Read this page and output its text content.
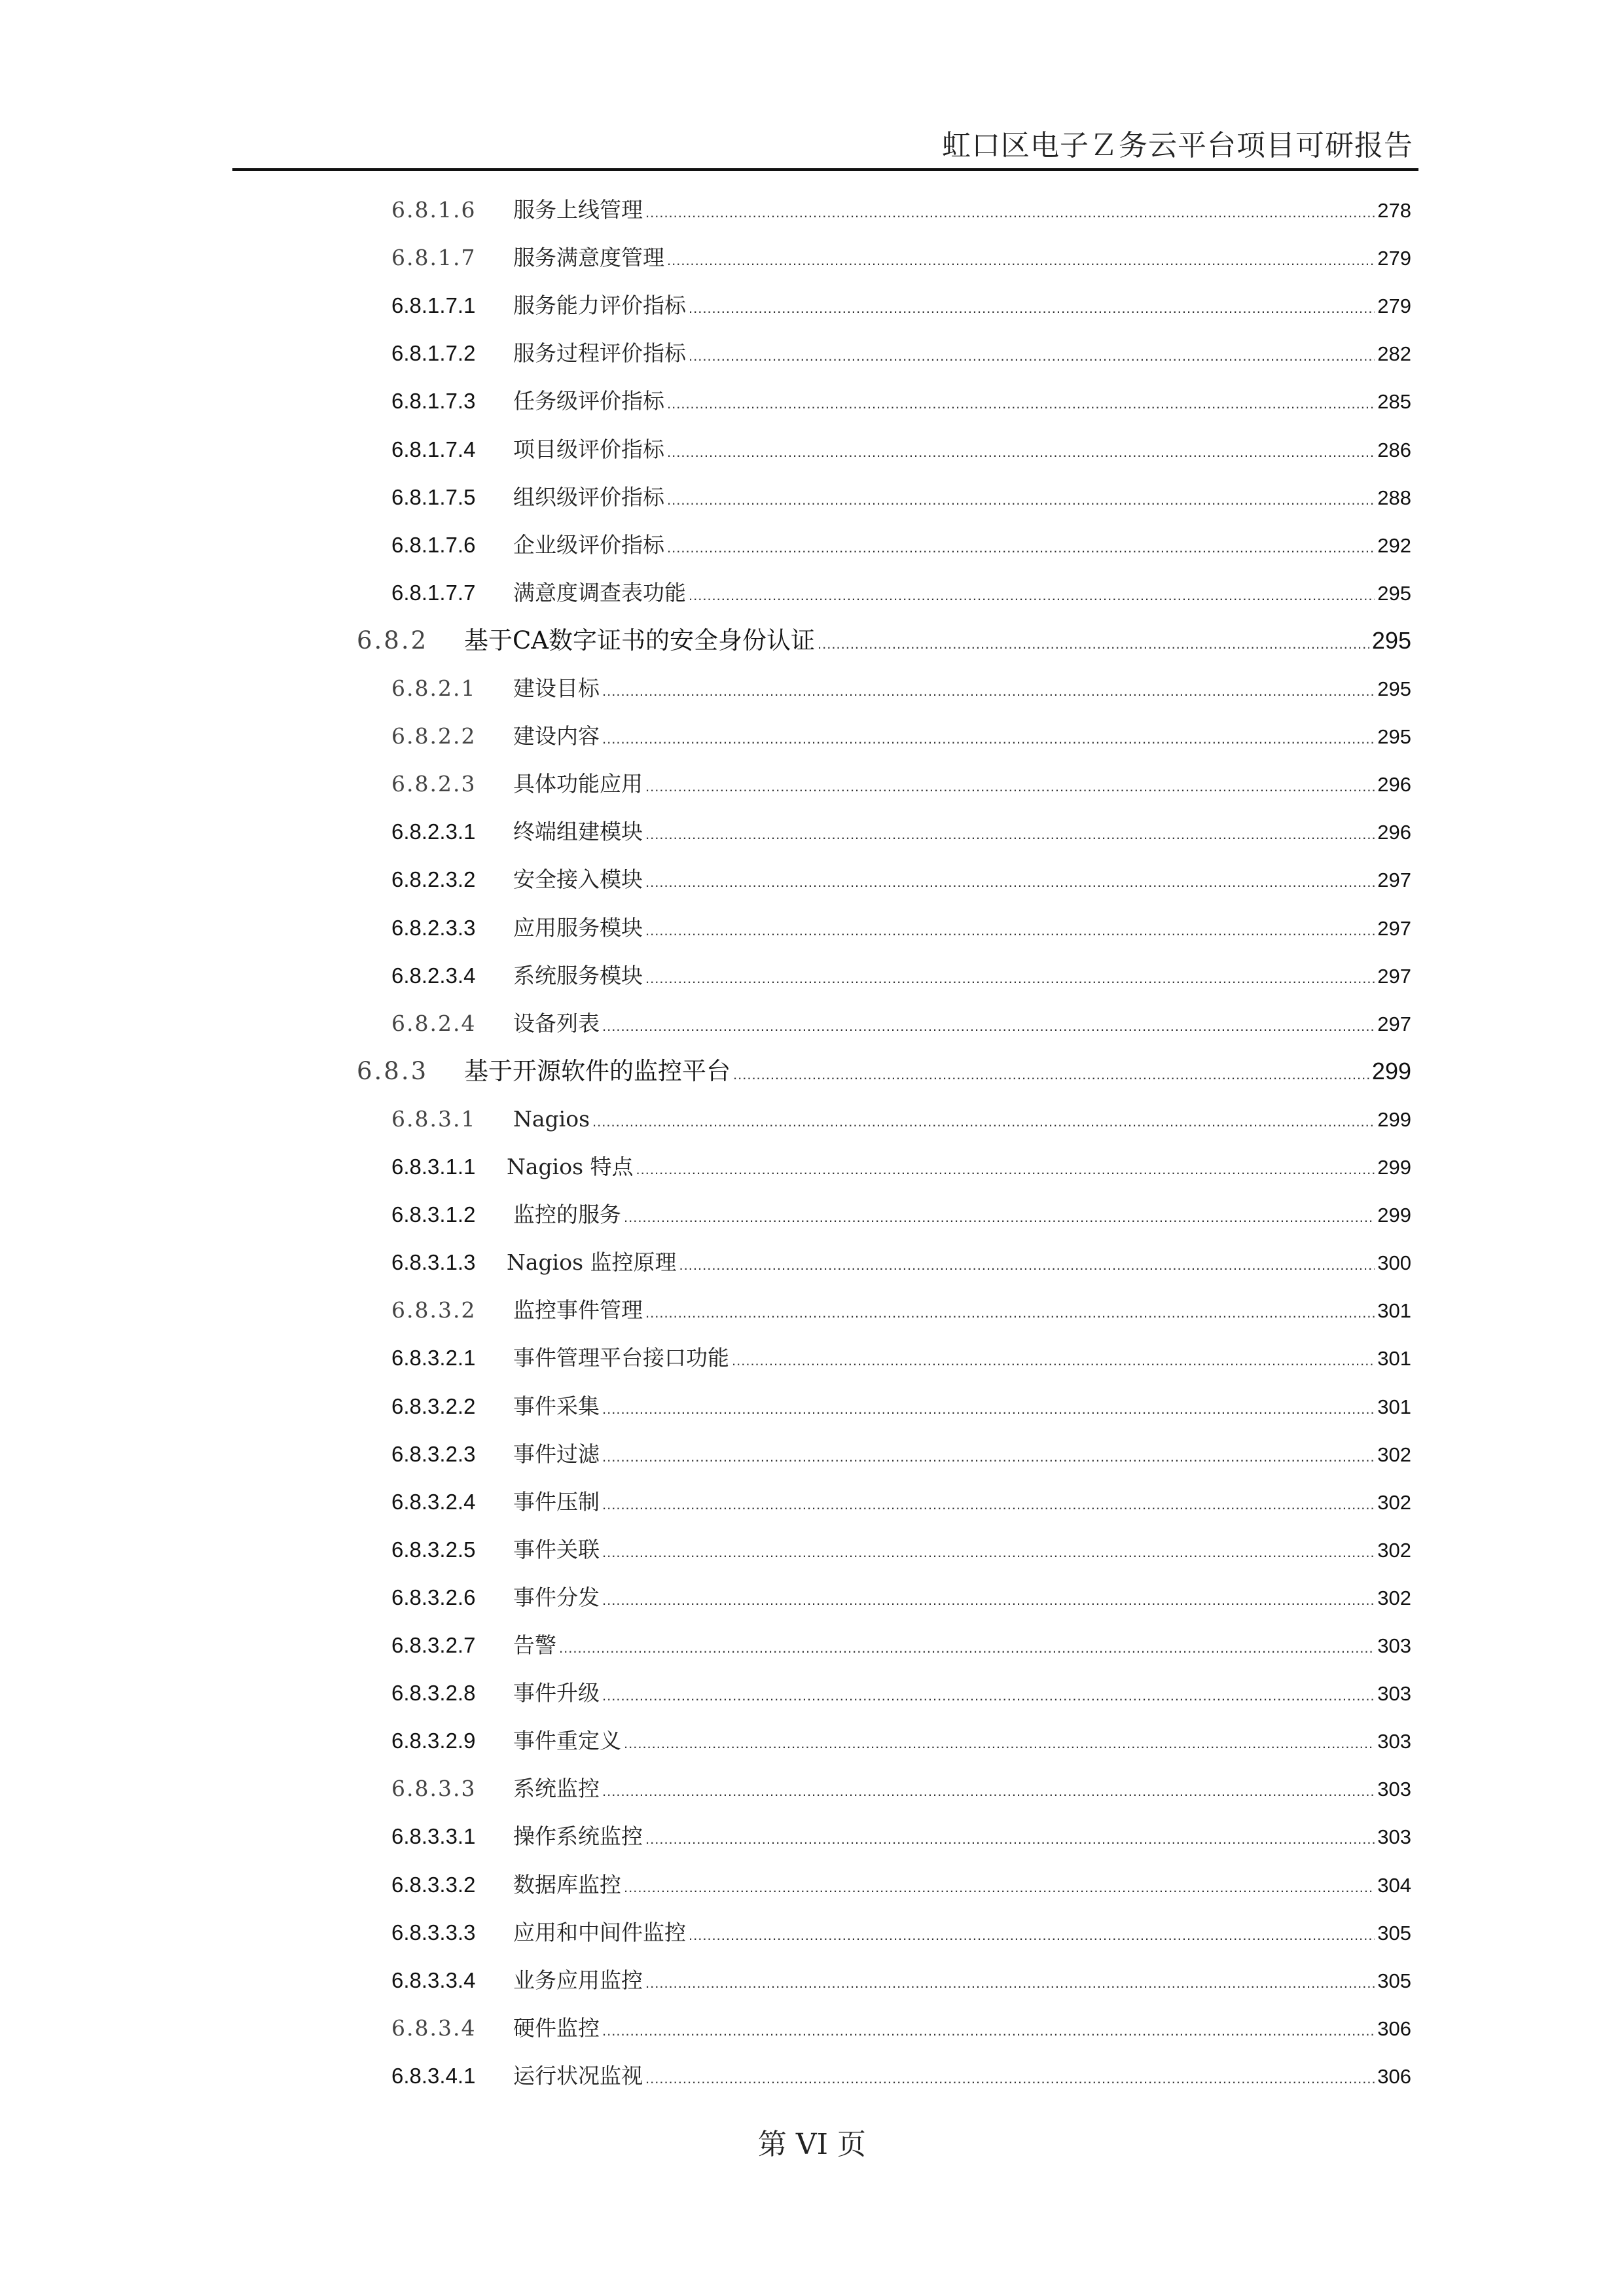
虹口区电子Ｚ务云平台项目可研报告
6.8.1.6	服务上线管理 .....	278
6.8.1.7	服务满意度管理 .....	279
6.8.1.7.1	服务能力评价指标 .....	279
6.8.1.7.2	服务过程评价指标 .....	282
6.8.1.7.3	任务级评价指标 .....	285
6.8.1.7.4	项目级评价指标 .....	286
6.8.1.7.5	组织级评价指标 .....	288
6.8.1.7.6	企业级评价指标 .....	292
6.8.1.7.7	满意度调查表功能 .....	295
6.8.2	基于CA数字证书的安全身份认证 .....	295
6.8.2.1	建设目标 .....	295
6.8.2.2	建设内容 .....	295
6.8.2.3	具体功能应用 .....	296
6.8.2.3.1	终端组建模块 .....	296
6.8.2.3.2	安全接入模块 .....	297
6.8.2.3.3	应用服务模块 .....	297
6.8.2.3.4	系统服务模块 .....	297
6.8.2.4	设备列表 .....	297
6.8.3	基于开源软件的监控平台 .....	299
6.8.3.1	Nagios .....	299
6.8.3.1.1	Nagios 特点 .....	299
6.8.3.1.2	监控的服务 .....	299
6.8.3.1.3	Nagios 监控原理 .....	300
6.8.3.2	监控事件管理 .....	301
6.8.3.2.1	事件管理平台接口功能 .....	301
6.8.3.2.2	事件采集 .....	301
6.8.3.2.3	事件过滤 .....	302
6.8.3.2.4	事件压制 .....	302
6.8.3.2.5	事件关联 .....	302
6.8.3.2.6	事件分发 .....	302
6.8.3.2.7	告警 .....	303
6.8.3.2.8	事件升级 .....	303
6.8.3.2.9	事件重定义 .....	303
6.8.3.3	系统监控 .....	303
6.8.3.3.1	操作系统监控 .....	303
6.8.3.3.2	数据库监控 .....	304
6.8.3.3.3	应用和中间件监控 .....	305
6.8.3.3.4	业务应用监控 .....	305
6.8.3.4	硬件监控 .....	306
6.8.3.4.1	运行状况监视 .....	306
第 VI 页
